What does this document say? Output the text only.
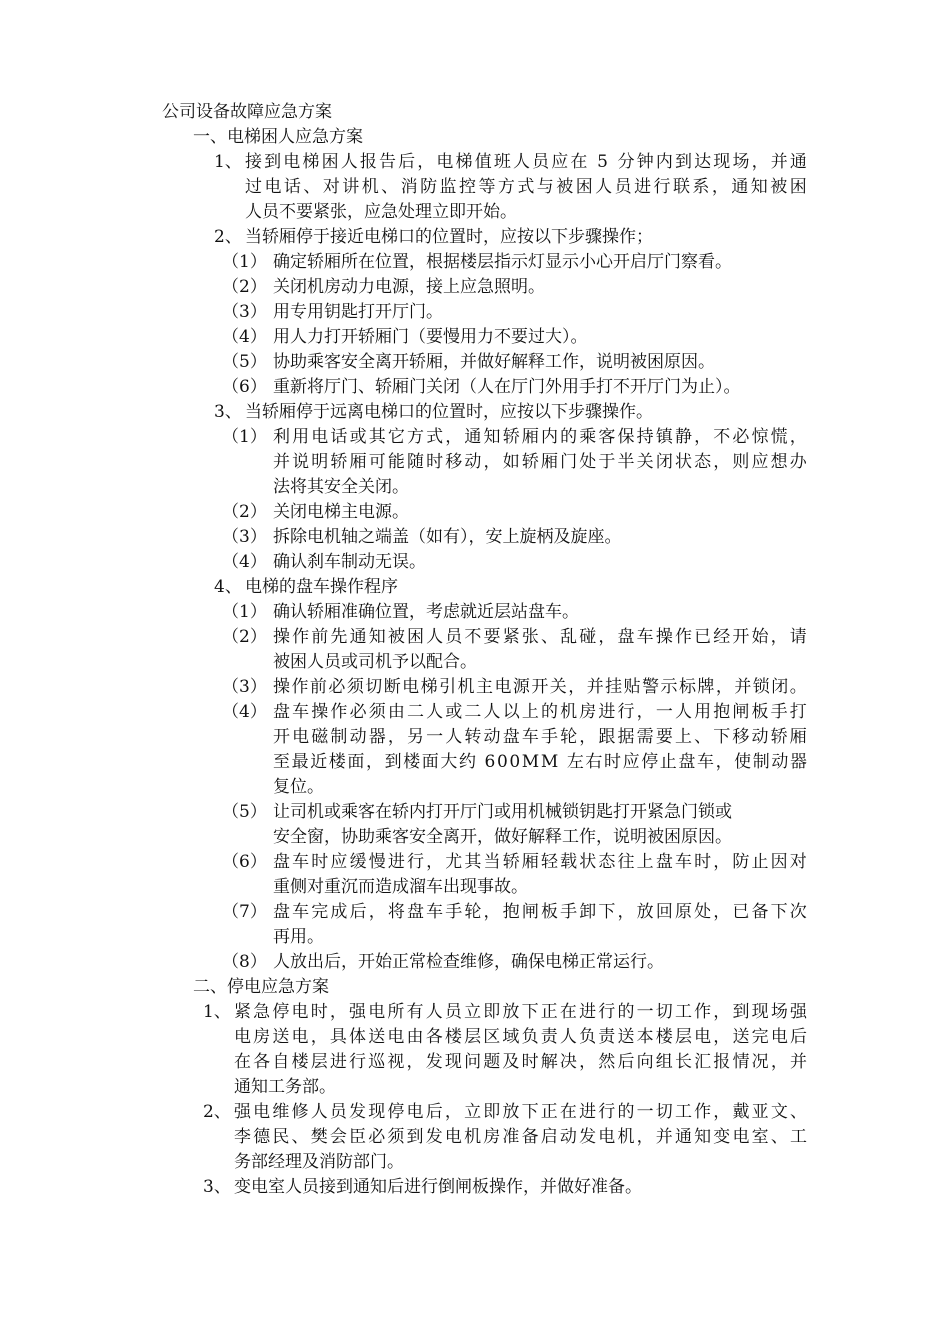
公司设备故障应急方案
一、电梯困人应急方案
1、 接 到 电 梯 困 人 报 告 后 ， 电 梯 值 班 人 员 应 在
5
分 钟 内 到 达 现 场 ， 并 通
过 电 话 、 对 讲 机 、 消 防 监 控 等 方 式 与 被 困 人 员 进 行 联 系 ， 通 知 被 困
人员不要紧张，应急处理立即开始。
2、 当轿厢停于接近电梯口的位置时，应按以下步骤操作；
（1） 确定轿厢所在位置，根据楼层指示灯显示小心开启厅门察看。
（2） 关闭机房动力电源，接上应急照明。
（3） 用专用钥匙打开厅门。
（4） 用人力打开轿厢门（要慢用力不要过大）。
（5） 协助乘客安全离开轿厢，并做好解释工作，说明被困原因。
（6） 重新将厅门、轿厢门关闭（人在厅门外用手打不开厅门为止）。
3、 当轿厢停于远离电梯口的位置时，应按以下步骤操作。
（1） 利 用 电 话 或 其 它 方 式 ， 通 知 轿 厢 内 的 乘 客 保 持 镇 静 ， 不 必 惊 慌 ，
并 说 明 轿 厢 可 能 随 时 移 动 ， 如 轿 厢 门 处 于 半 关 闭 状 态 ， 则 应 想 办
法将其安全关闭。
（2） 关闭电梯主电源。
（3） 拆除电机轴之端盖（如有），安上旋柄及旋座。
（4） 确认刹车制动无误。
4、 电梯的盘车操作程序
（1） 确认轿厢准确位置，考虑就近层站盘车。
（2） 操 作 前 先 通 知 被 困 人 员 不 要 紧 张 、 乱 碰 ， 盘 车 操 作 已 经 开 始 ， 请
被困人员或司机予以配合。
（3） 操 作 前 必 须 切 断 电 梯 引 机 主 电 源 开 关 ， 并 挂 贴 警 示 标 牌 ， 并 锁 闭 。
（4） 盘 车 操 作 必 须 由 二 人 或 二 人 以 上 的 机 房 进 行 ， 一 人 用 抱 闸 板 手 打
开 电 磁 制 动 器 ， 另 一 人 转 动 盘 车 手 轮 ， 跟 据 需 要 上 、 下 移 动 轿 厢
至 最 近 楼 面 ， 到 楼 面 大 约
6 0 0 M M
左 右 时 应 停 止 盘 车 ， 使 制 动 器
复位。
（5） 让司机或乘客在轿内打开厅门或用机械锁钥匙打开紧急门锁或
安全窗，协助乘客安全离开，做好解释工作，说明被困原因。
（6） 盘 车 时 应 缓 慢 进 行 ， 尤 其 当 轿 厢 轻 载 状 态 往 上 盘 车 时 ， 防 止 因 对
重侧对重沉而造成溜车出现事故。
（7） 盘 车 完 成 后 ， 将 盘 车 手 轮 ， 抱 闸 板 手 卸 下 ， 放 回 原 处 ， 已 备 下 次
再用。
（8） 人放出后，开始正常检查维修，确保电梯正常运行。
二、停电应急方案
1、 紧 急 停 电 时 ， 强 电 所 有 人 员 立 即 放 下 正 在 进 行 的 一 切 工 作 ， 到 现 场 强
电 房 送 电 ， 具 体 送 电 由 各 楼 层 区 域 负 责 人 负 责 送 本 楼 层 电 ， 送 完 电 后
在 各 自 楼 层 进 行 巡 视 ， 发 现 问 题 及 时 解 决 ， 然 后 向 组 长 汇 报 情 况 ， 并
通知工务部。
2、 强 电 维 修 人 员 发 现 停 电 后 ， 立 即 放 下 正 在 进 行 的 一 切 工 作 ， 戴 亚 文 、
李 德 民 、 樊 会 臣 必 须 到 发 电 机 房 准 备 启 动 发 电 机 ， 并 通 知 变 电 室 、 工
务部经理及消防部门。
3、 变电室人员接到通知后进行倒闸板操作，并做好准备。
